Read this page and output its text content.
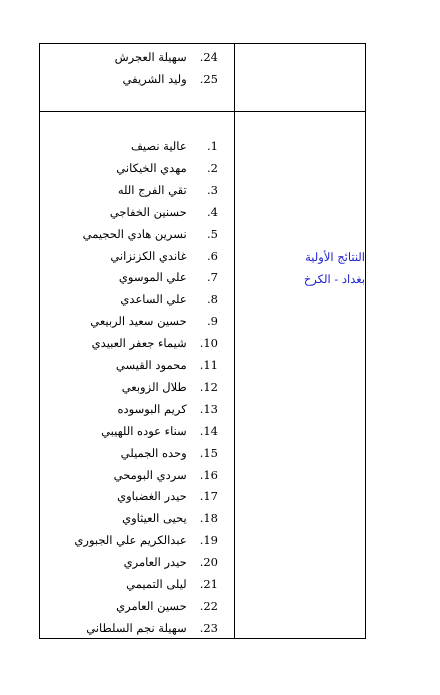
24.  سهيلة العجرش
25.  وليد الشريفي
1.  عالية نصيف
2.  مهدي الخيكاني
3.  تقي الفرج الله
4.  حسنين الخفاجي
5.  نسرين هادي الحجيمي
6.  غاندي الكزنزاني
7.  علي الموسوي
8.  علي الساعدي
9.  حسين سعيد الربيعي
10.  شيماء جعفر العبيدي
11.  محمود القيسي
12.  طلال الزوبعي
13.  كريم البوسوده
14.  سناء عوده اللهيبي
15.  وحده الجميلي
16.  سردي البومحي
17.  حيدر الغضباوي
18.  يحيى العيثاوي
19.  عبدالكريم علي الجبوري
20.  حيدر العامري
21.  ليلى التميمي
22.  حسين العامري
23.  سهيلة نجم السلطاني
النتائج الأولية
بغداد - الكرخ
